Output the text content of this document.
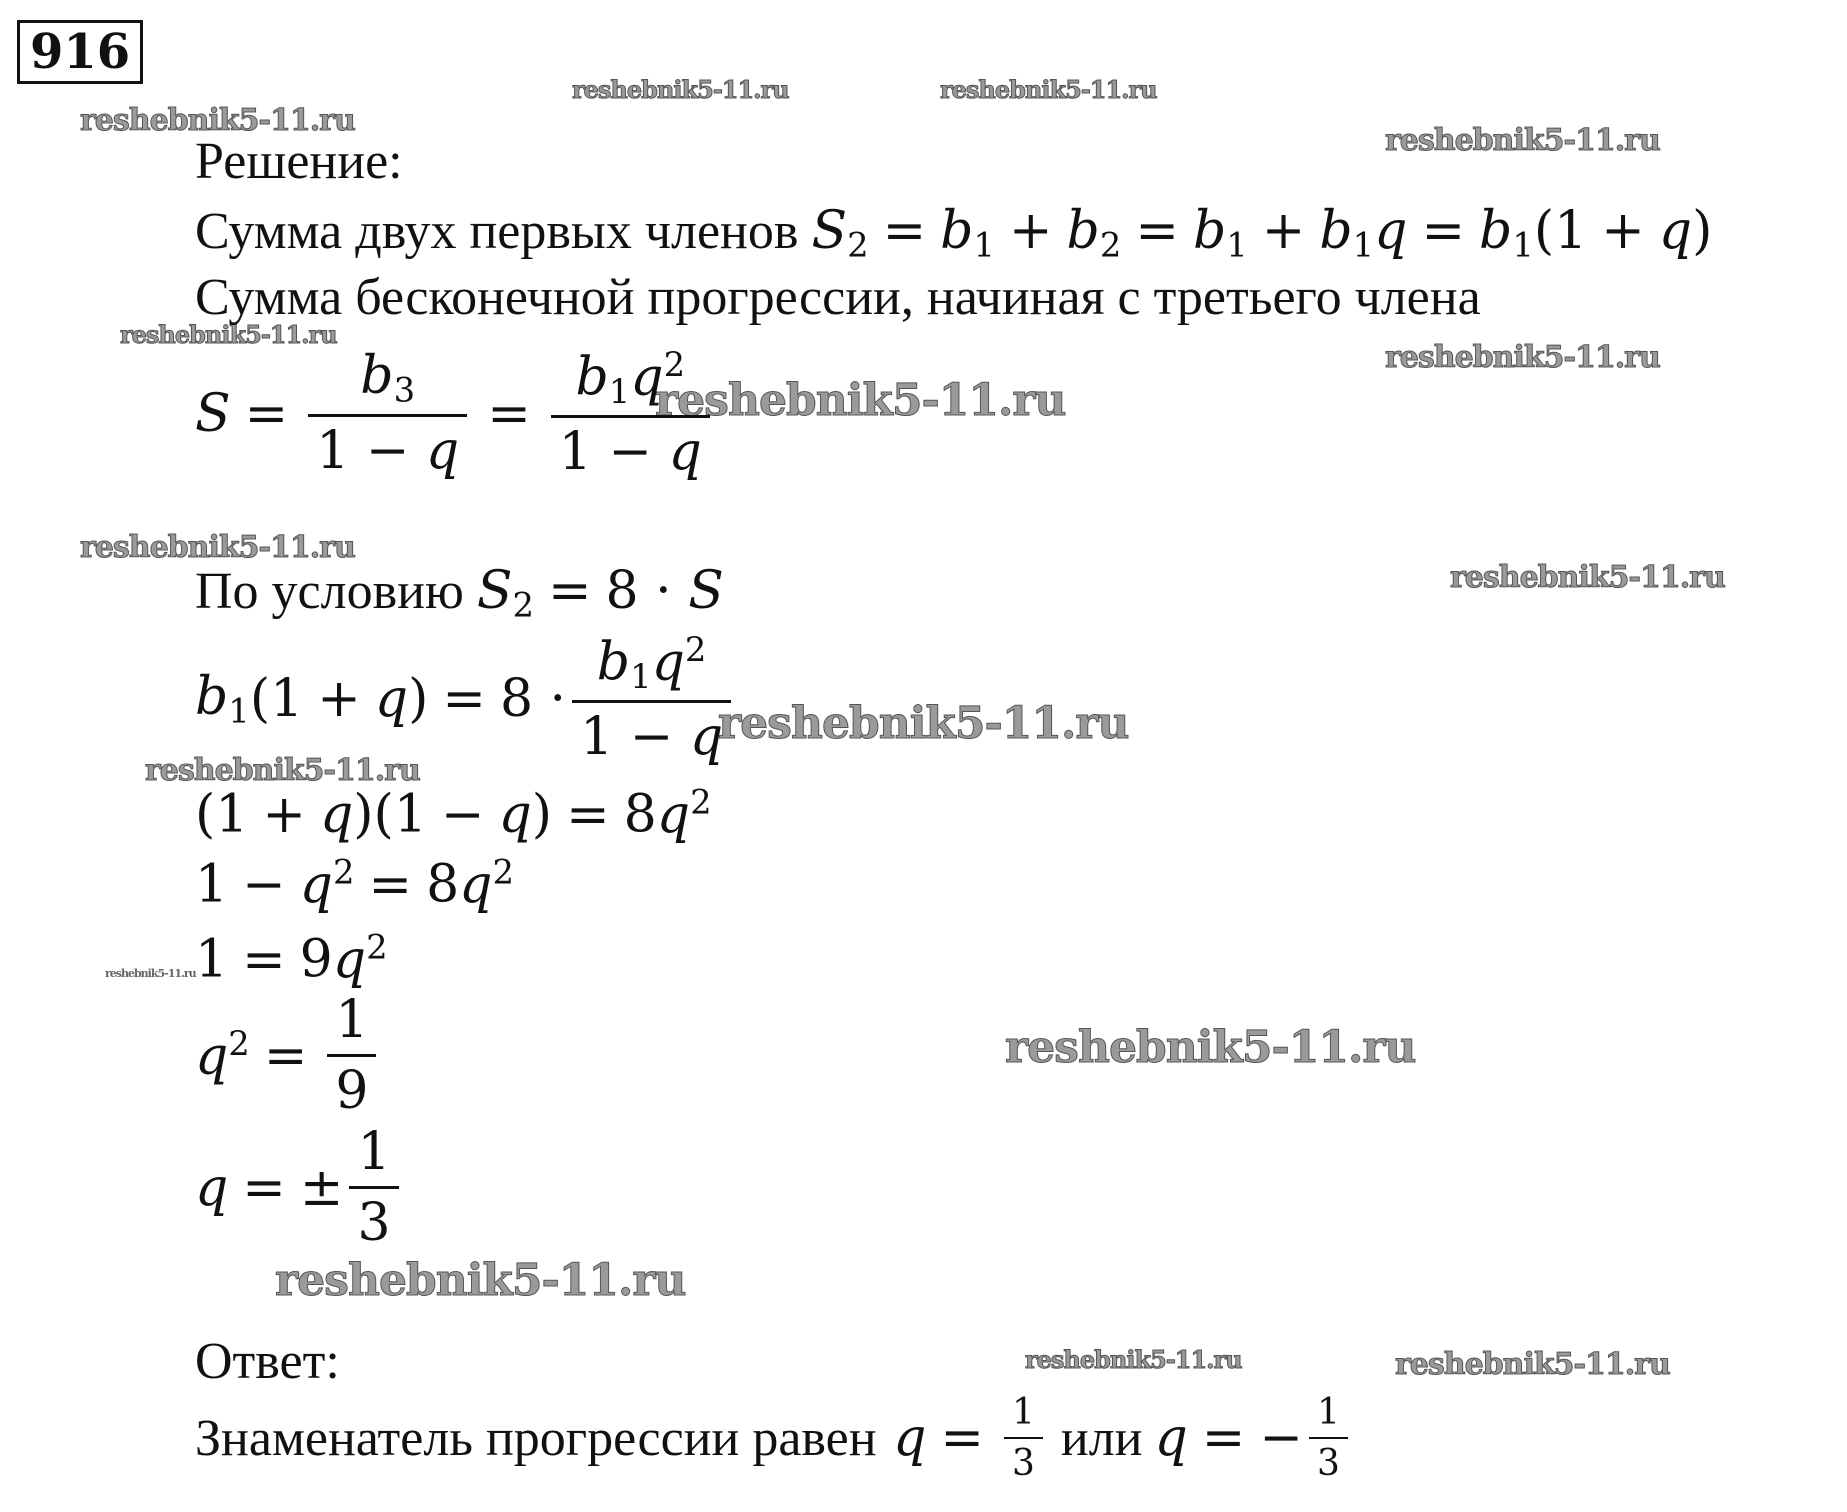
916
reshebnik5-11.ru	reshebnik5-11.ru
reshebnik5-11.ru
reshebnik5-11.ru
reshebnik5-11.ru
reshebnik5-11.ru
reshebnik5-11.ru
reshebnik5-11.ru
reshebnik5-11.ru
reshebnik5-11.ru
reshebnik5-11.ru
reshebnik5-11.ru
reshebnik5-11.ru
reshebnik5-11.ru
reshebnik5-11.ru	reshebnik5-11.ru
Решение:
Сумма двух первых членов $S_2 = b_1 + b_2 = b_1 + b_1q = b_1(1 + q)$
Сумма бесконечной прогрессии, начиная с третьего члена
$S = \frac{b_3}{1 - q} = \frac{b_1q^2}{1 - q}$
По условию $S_2 = 8 \cdot S$
$b_1$ (1 + q ) = $8 \cdot \frac{b_1q^2}{1 - q}$
$(1 + q)(1 - q) = 8q^2$
$1 - q^2 = 8q^2$
$1 = 9q^2$
$q^2 = \frac{1}{9}$
q = ± $\frac{1}{3}$
Ответ:
Знаменатель прогрессии равен $q = \frac{1}{3}$ или q = − $\frac{1}{3}$
